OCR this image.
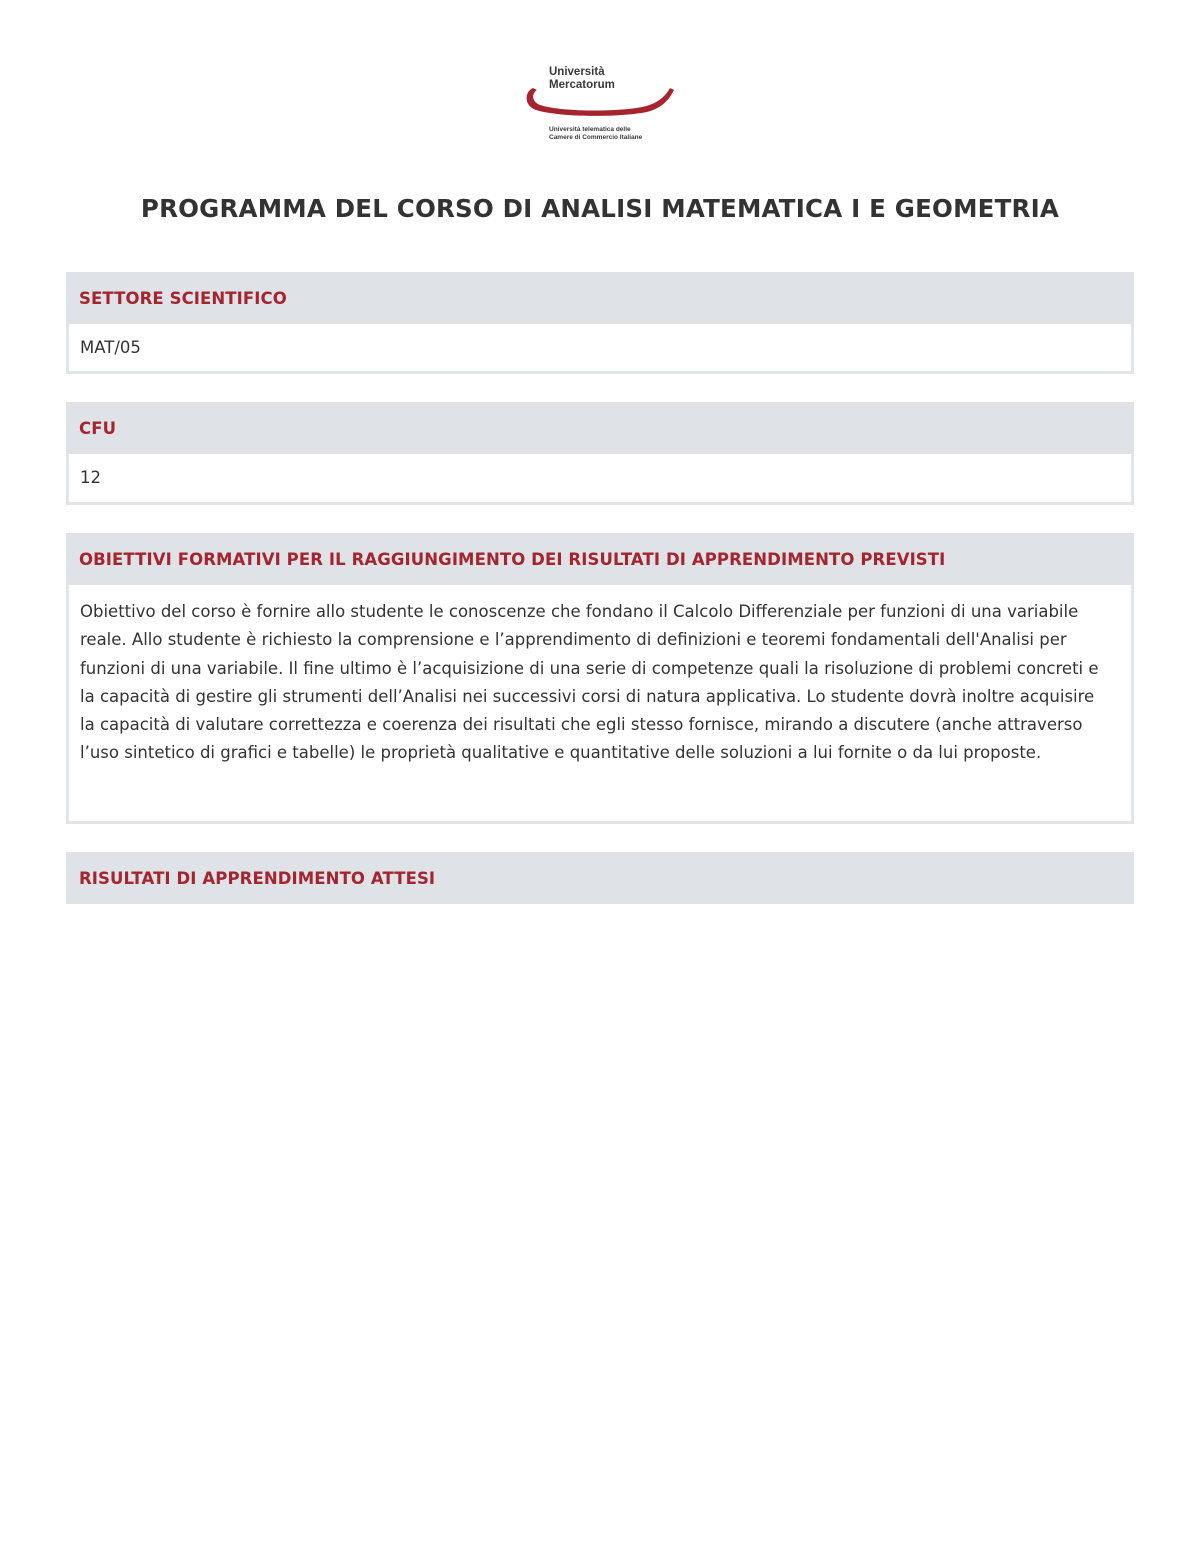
Università
Mercatorum
Università telematica delle
Camere di Commercio Italiane
PROGRAMMA DEL CORSO DI ANALISI MATEMATICA I E GEOMETRIA
SETTORE SCIENTIFICO
MAT/05
CFU
12
OBIETTIVI FORMATIVI PER IL RAGGIUNGIMENTO DEI RISULTATI DI APPRENDIMENTO PREVISTI
Obiettivo del corso è fornire allo studente le conoscenze che fondano il Calcolo Differenziale per funzioni di una variabile reale. Allo studente è richiesto la comprensione e l’apprendimento di definizioni e teoremi fondamentali dell'Analisi per funzioni di una variabile. Il fine ultimo è l’acquisizione di una serie di competenze quali la risoluzione di problemi concreti e la capacità di gestire gli strumenti dell’Analisi nei successivi corsi di natura applicativa. Lo studente dovrà inoltre acquisire la capacità di valutare correttezza e coerenza dei risultati che egli stesso fornisce, mirando a discutere (anche attraverso l’uso sintetico di grafici e tabelle) le proprietà qualitative e quantitative delle soluzioni a lui fornite o da lui proposte.
RISULTATI DI APPRENDIMENTO ATTESI
